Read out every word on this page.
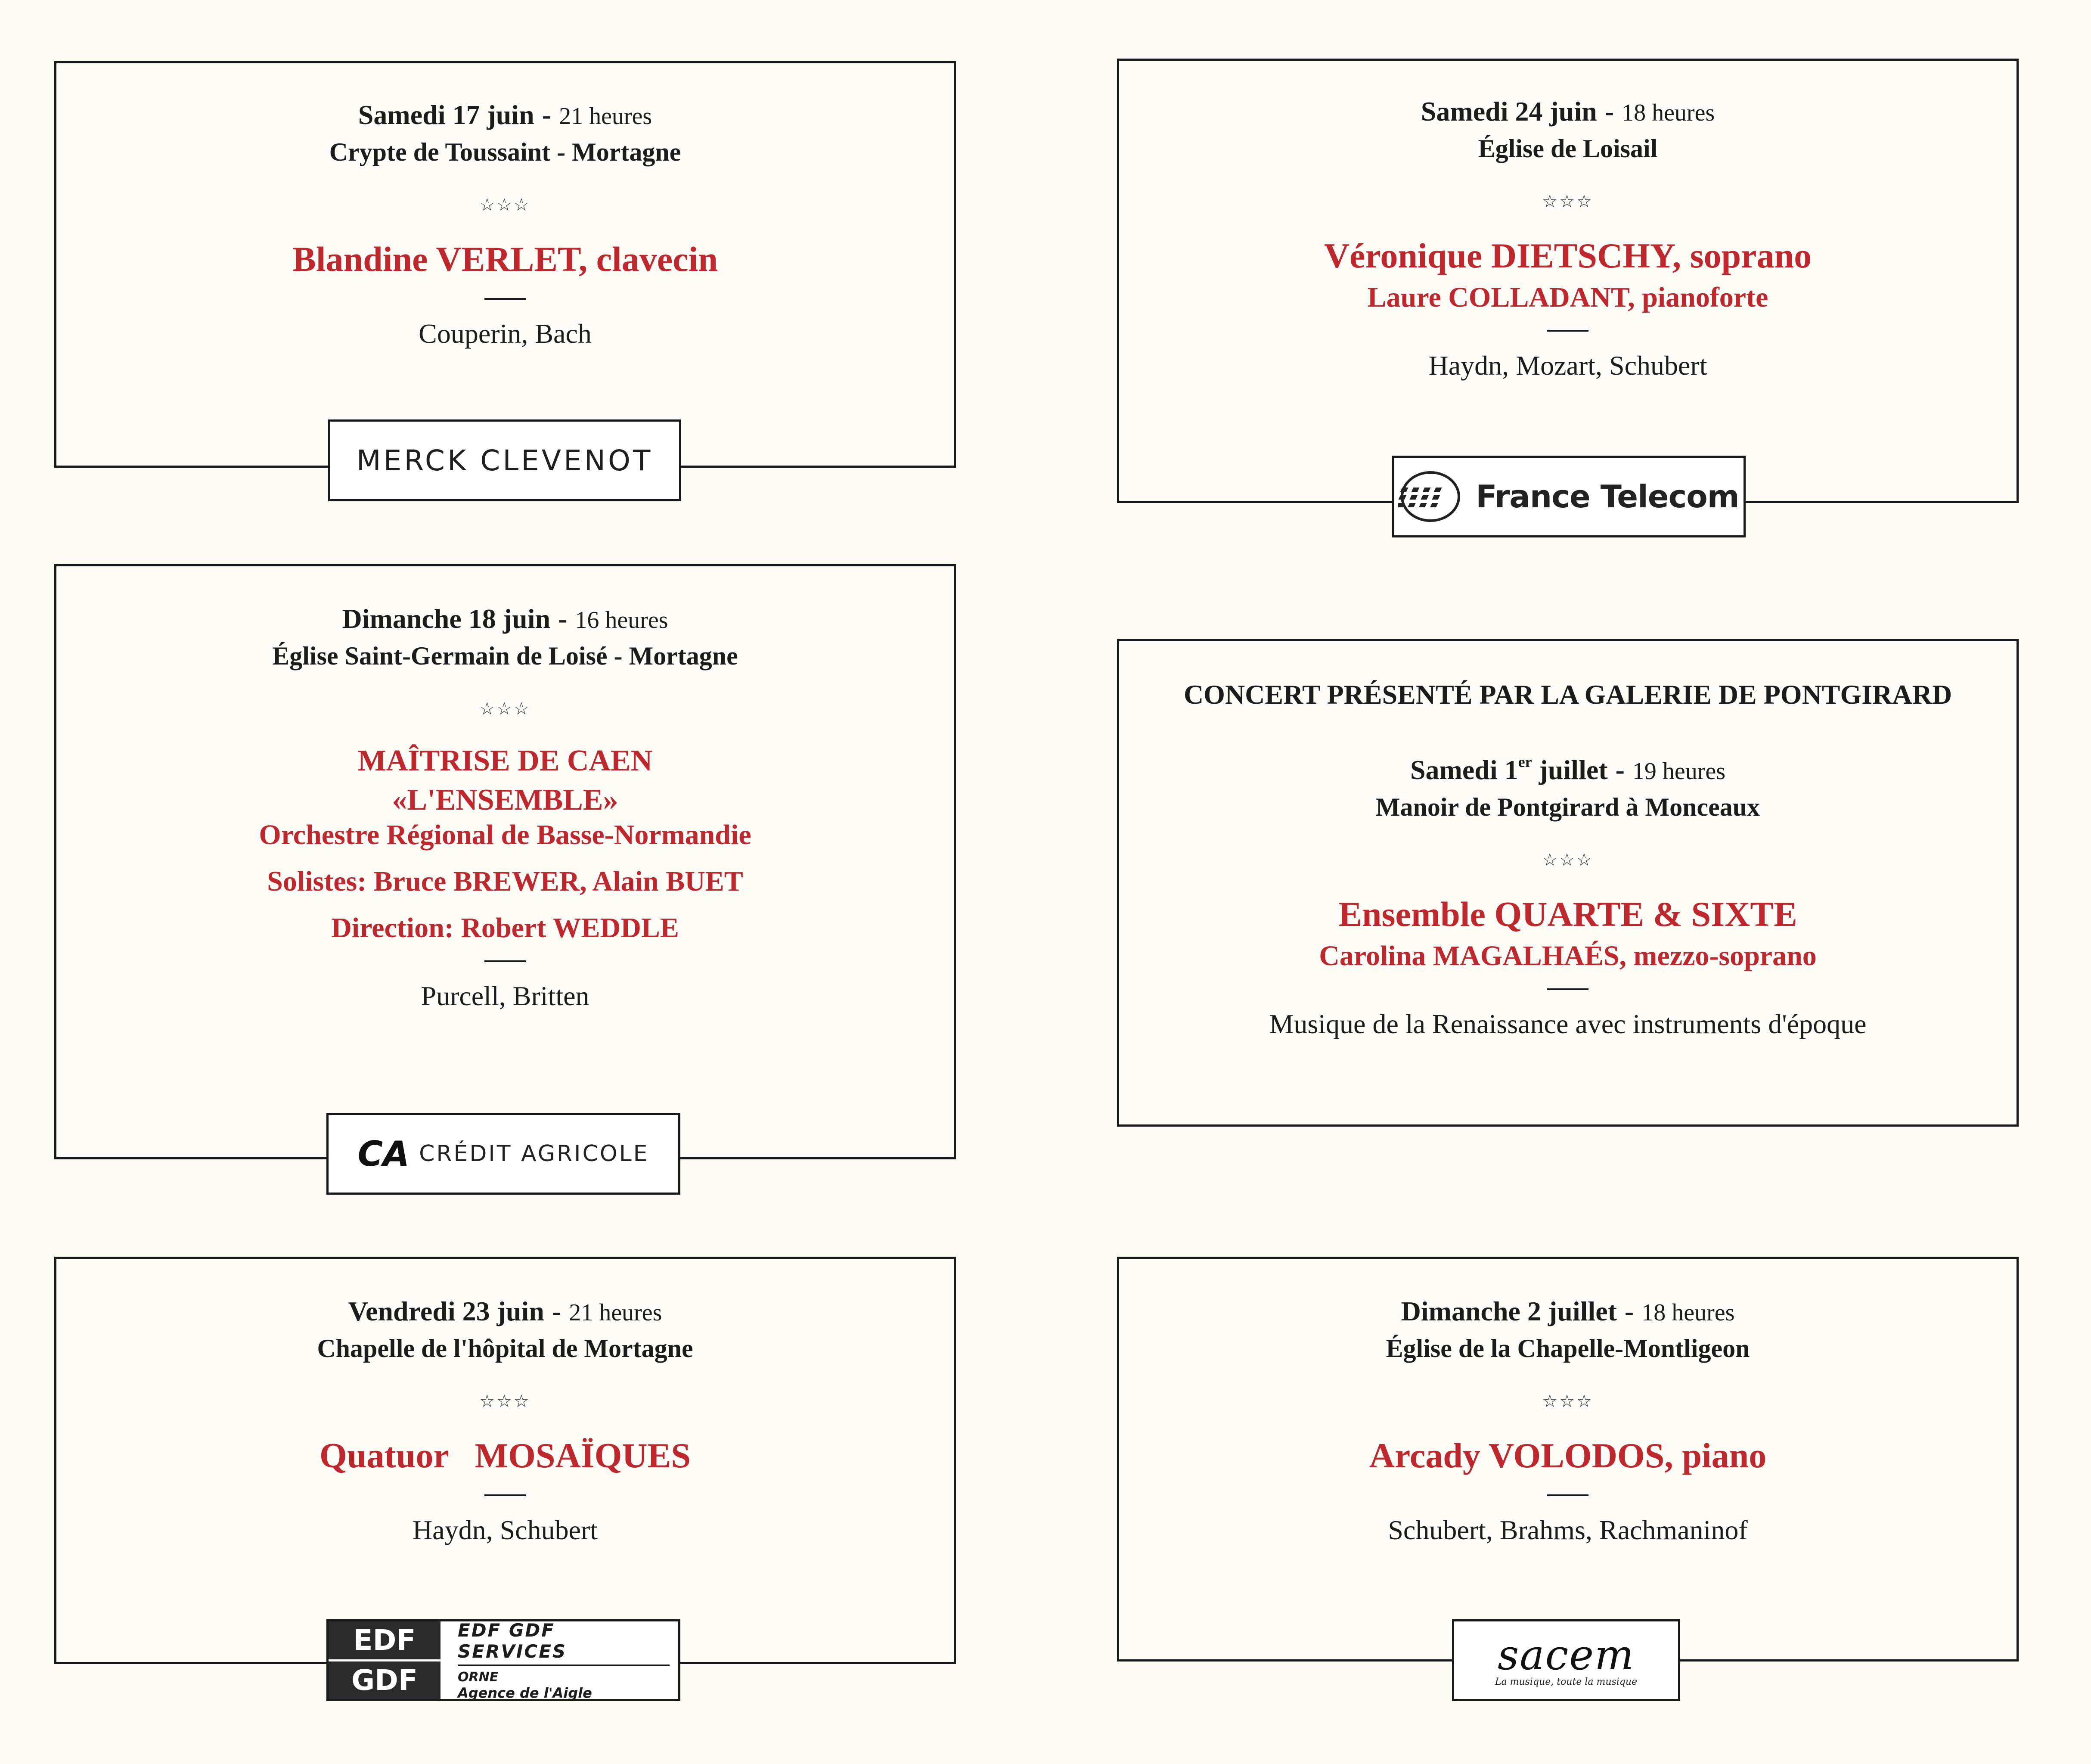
Samedi 17 juin - 21 heures
Crypte de Toussaint - Mortagne
☆☆☆
Blandine VERLET, clavecin
Couperin, Bach
MERCK CLEVENOT
Samedi 24 juin - 18 heures
Église de Loisail
☆☆☆
Véronique DIETSCHY, soprano
Laure COLLADANT, pianoforte
Haydn, Mozart, Schubert
France Telecom
Dimanche 18 juin - 16 heures
Église Saint-Germain de Loisé - Mortagne
☆☆☆
MAÎTRISE DE CAEN
«L'ENSEMBLE»
Orchestre Régional de Basse-Normandie
Solistes: Bruce BREWER, Alain BUET
Direction: Robert WEDDLE
Purcell, Britten
CA CRÉDIT AGRICOLE
CONCERT PRÉSENTÉ PAR LA GALERIE DE PONTGIRARD
Samedi 1er juillet - 19 heures
Manoir de Pontgirard à Monceaux
☆☆☆
Ensemble QUARTE & SIXTE
Carolina MAGALHAÉS, mezzo-soprano
Musique de la Renaissance avec instruments d'époque
Vendredi 23 juin - 21 heures
Chapelle de l'hôpital de Mortagne
☆☆☆
Quatuor   MOSAÏQUES
Haydn, Schubert
EDF
GDF
EDF GDF SERVICES
ORNE
Agence de l'Aigle
Dimanche 2 juillet - 18 heures
Église de la Chapelle-Montligeon
☆☆☆
Arcady VOLODOS, piano
Schubert, Brahms, Rachmaninof
sacem
La musique, toute la musique
